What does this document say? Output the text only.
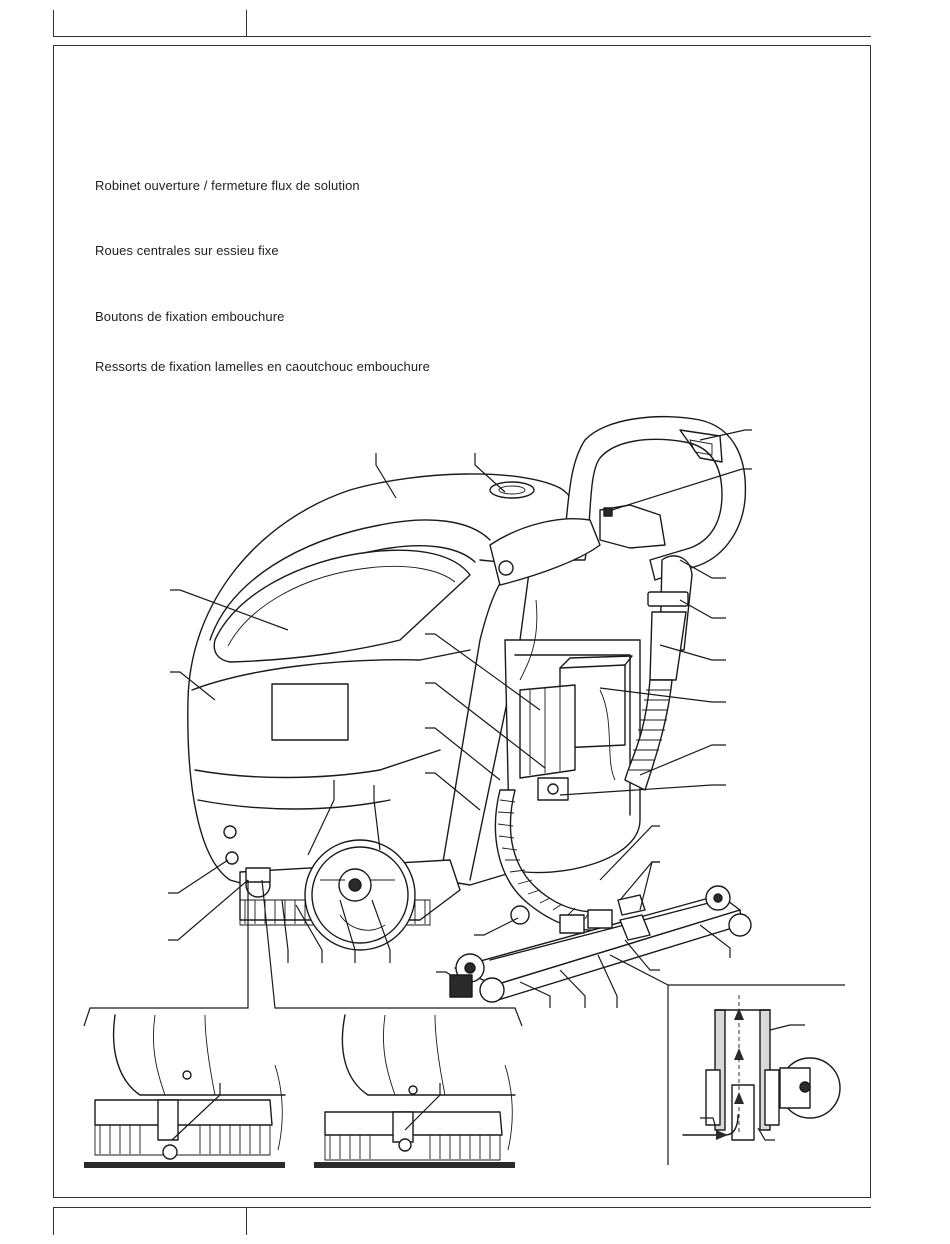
Robinet ouverture / fermeture flux de solution
Roues centrales sur essieu fixe
Boutons de fixation embouchure
Ressorts de fixation lamelles en caoutchouc embouchure
